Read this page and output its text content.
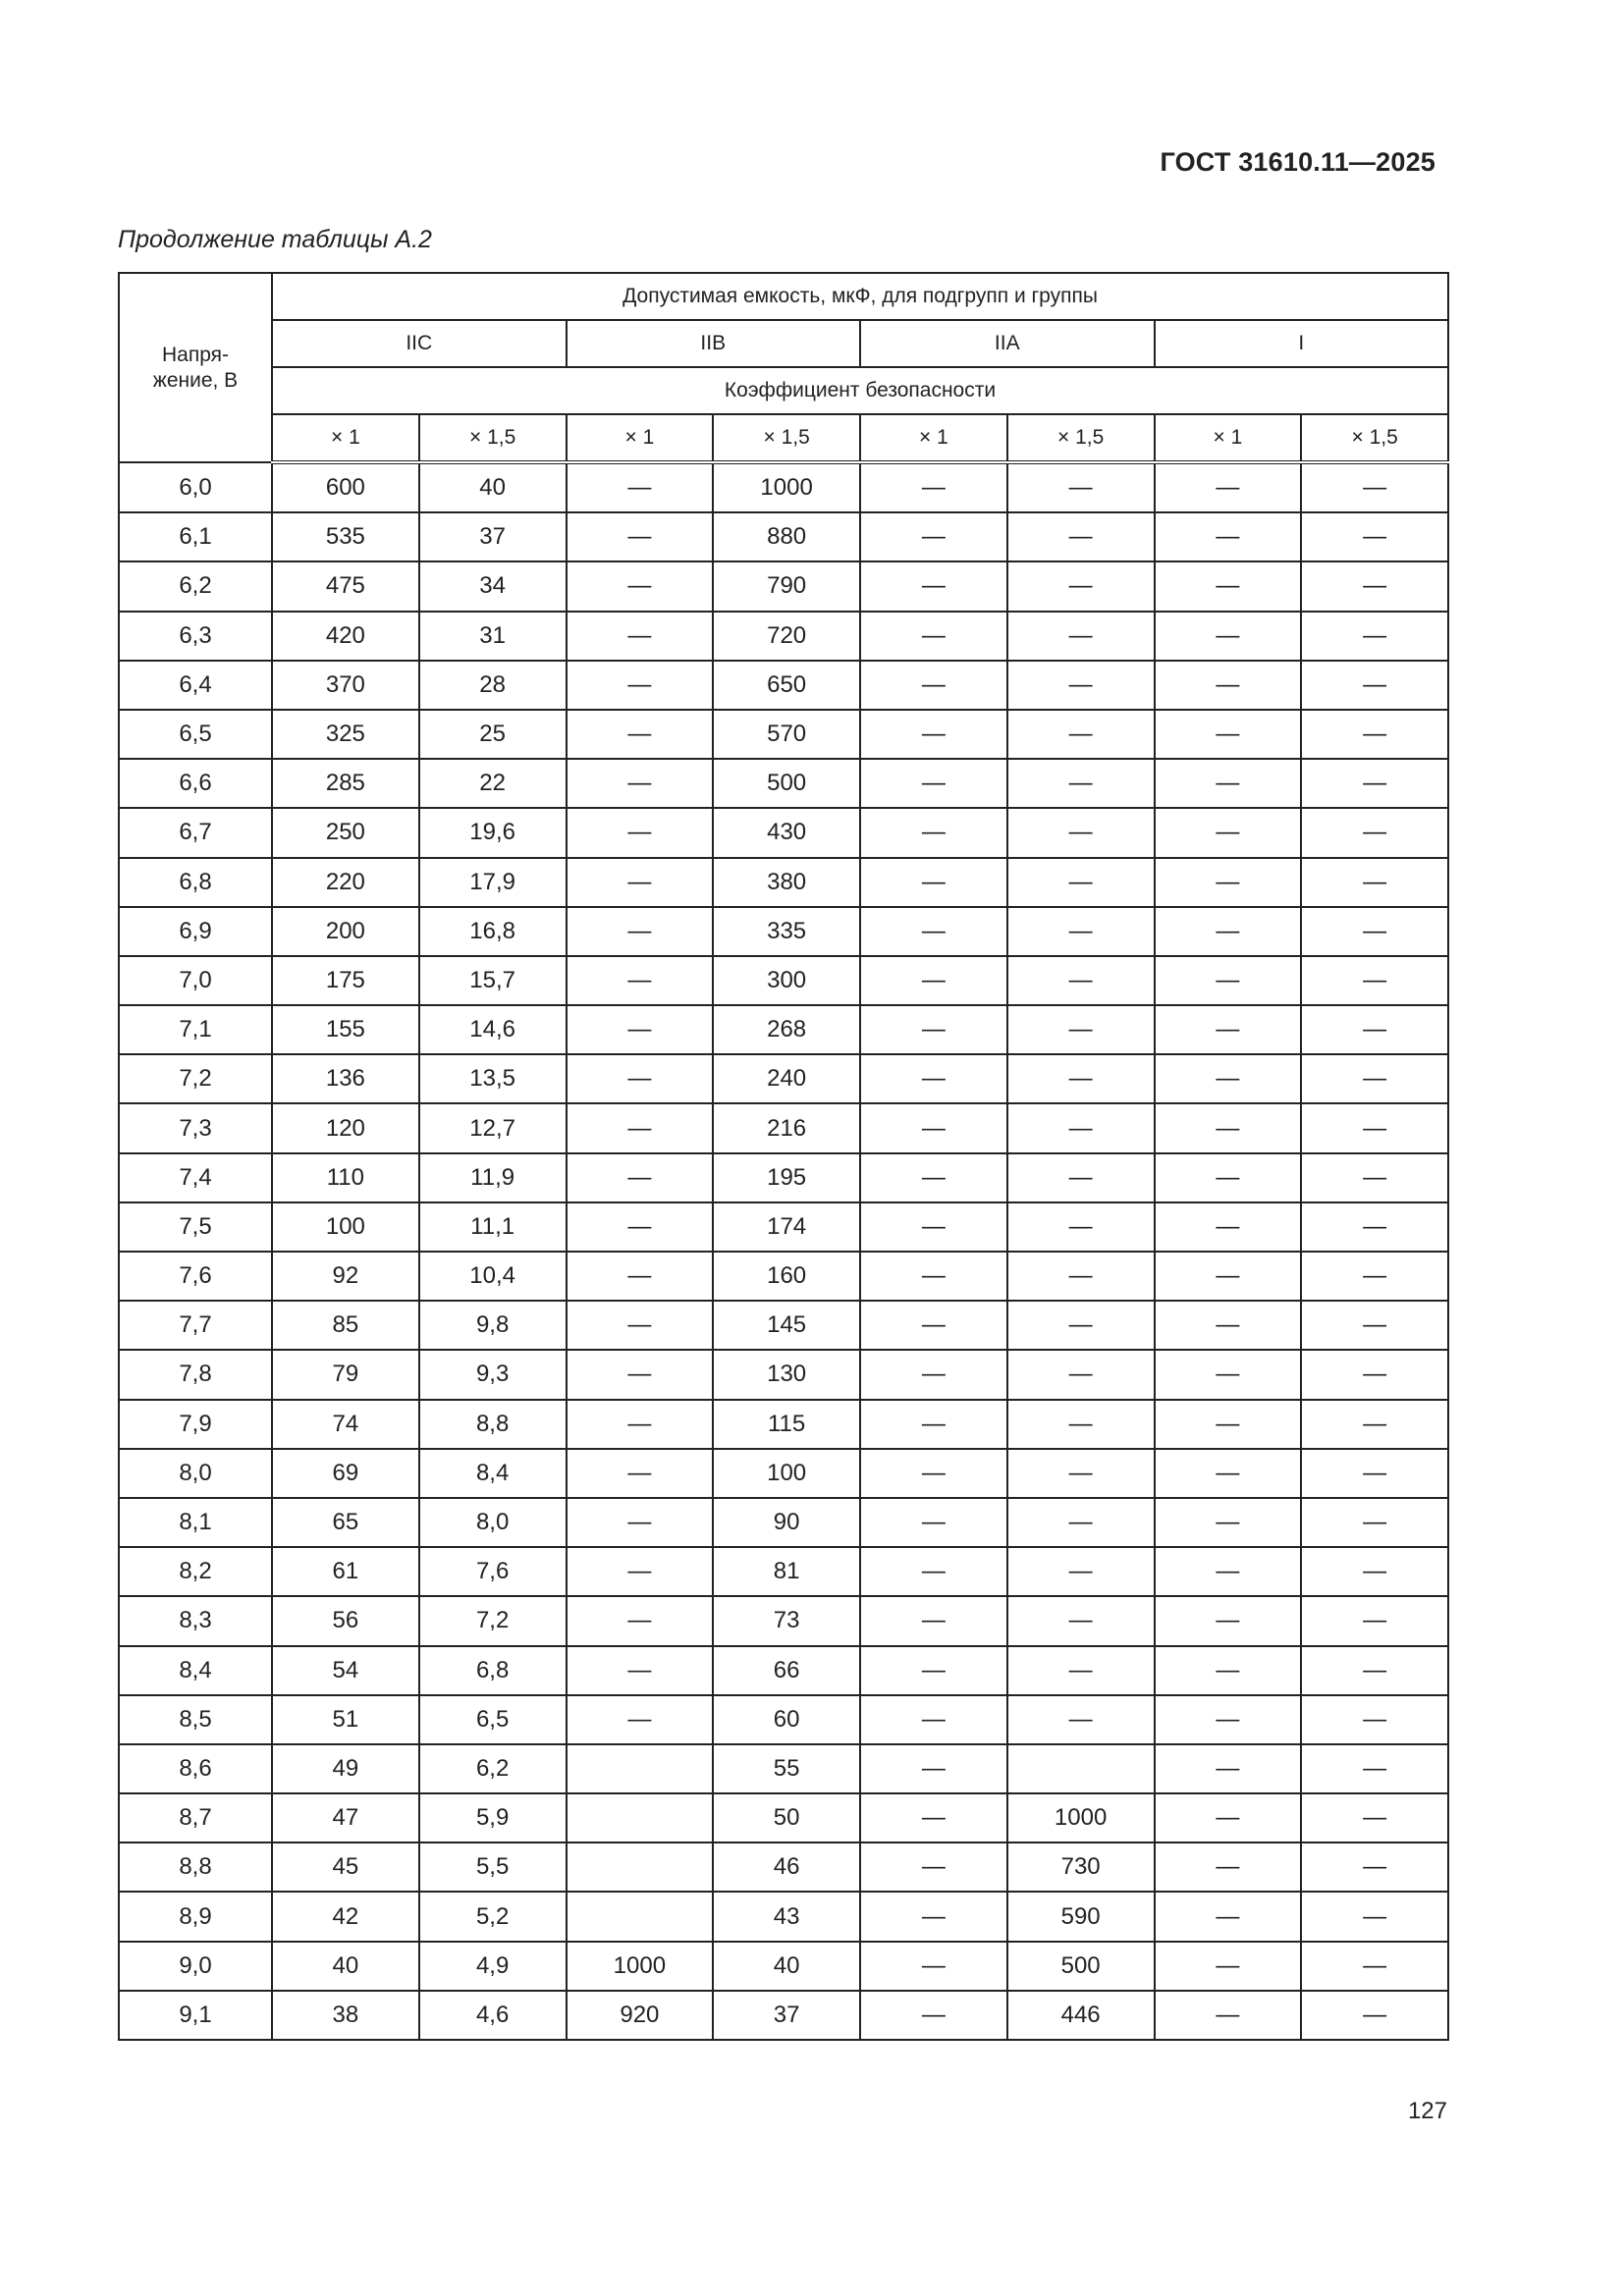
ГОСТ 31610.11—2025
Продолжение таблицы А.2
Напря-
жение, В	Допустимая емкость, мкФ, для подгрупп и группы							
	IIC		IIB		IIA		I	
	Коэффициент безопасности							
	× 1	× 1,5	× 1	× 1,5	× 1	× 1,5	× 1	× 1,5
6,0	600	40	—	1000	—	—	—	—
6,1	535	37	—	880	—	—	—	—
6,2	475	34	—	790	—	—	—	—
6,3	420	31	—	720	—	—	—	—
6,4	370	28	—	650	—	—	—	—
6,5	325	25	—	570	—	—	—	—
6,6	285	22	—	500	—	—	—	—
6,7	250	19,6	—	430	—	—	—	—
6,8	220	17,9	—	380	—	—	—	—
6,9	200	16,8	—	335	—	—	—	—
7,0	175	15,7	—	300	—	—	—	—
7,1	155	14,6	—	268	—	—	—	—
7,2	136	13,5	—	240	—	—	—	—
7,3	120	12,7	—	216	—	—	—	—
7,4	110	11,9	—	195	—	—	—	—
7,5	100	11,1	—	174	—	—	—	—
7,6	92	10,4	—	160	—	—	—	—
7,7	85	9,8	—	145	—	—	—	—
7,8	79	9,3	—	130	—	—	—	—
7,9	74	8,8	—	115	—	—	—	—
8,0	69	8,4	—	100	—	—	—	—
8,1	65	8,0	—	90	—	—	—	—
8,2	61	7,6	—	81	—	—	—	—
8,3	56	7,2	—	73	—	—	—	—
8,4	54	6,8	—	66	—	—	—	—
8,5	51	6,5	—	60	—	—	—	—
8,6	49	6,2		55	—		—	—
8,7	47	5,9		50	—	1000	—	—
8,8	45	5,5		46	—	730	—	—
8,9	42	5,2		43	—	590	—	—
9,0	40	4,9	1000	40	—	500	—	—
9,1	38	4,6	920	37	—	446	—	—
127
